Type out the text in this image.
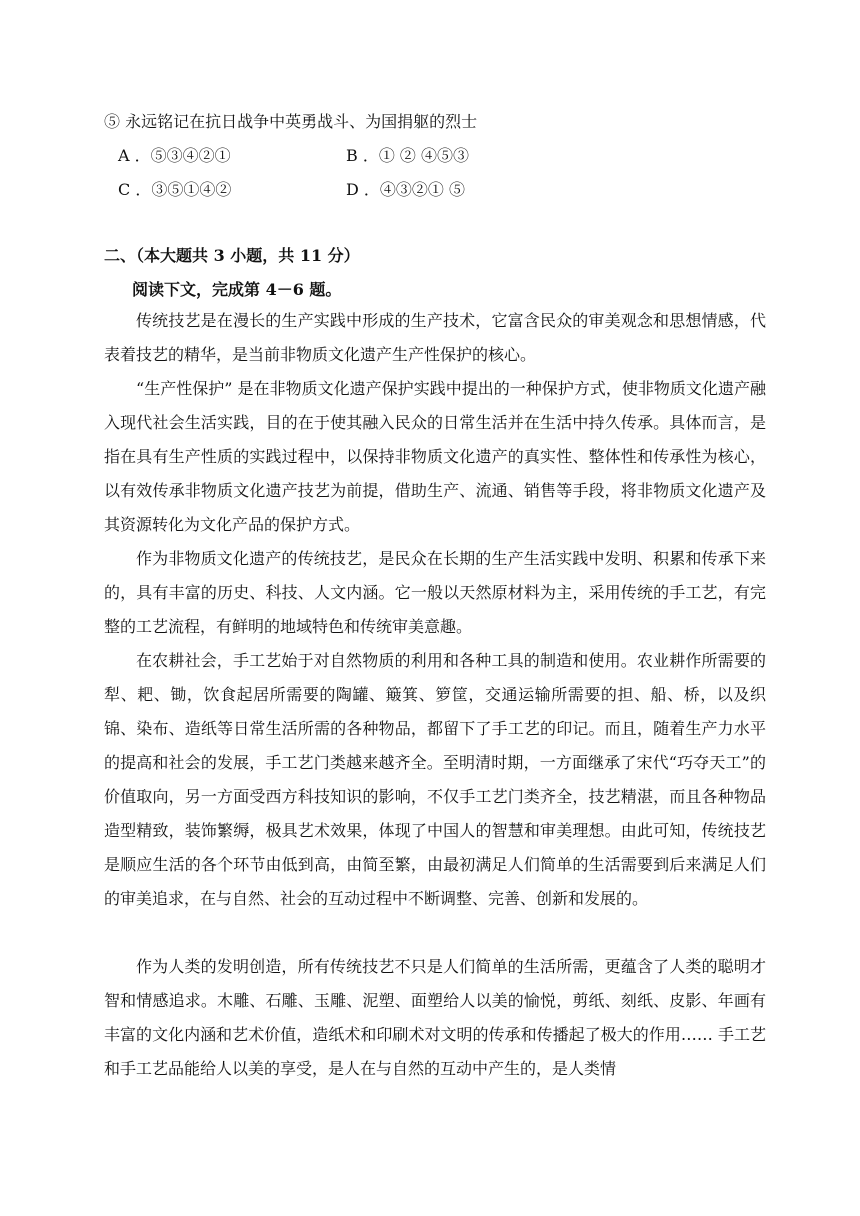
⑤ 永远铭记在抗日战争中英勇战斗、为国捐躯的烈士
A ．⑤③④②①	B ．① ② ④⑤③
C ．③⑤①④②	D ．④③②① ⑤
二、（本大题共 3 小题，共 11 分）
阅读下文，完成第 4－6 题。

传统技艺是在漫长的生产实践中形成的生产技术，它富含民众的审美观念和思想情感，代表着技艺的精华，是当前非物质文化遗产生产性保护的核心。

“生产性保护” 是在非物质文化遗产保护实践中提出的一种保护方式，使非物质文化遗产融入现代社会生活实践，目的在于使其融入民众的日常生活并在生活中持久传承。具体而言，是指在具有生产性质的实践过程中，以保持非物质文化遗产的真实性、整体性和传承性为核心，以有效传承非物质文化遗产技艺为前提，借助生产、流通、销售等手段，将非物质文化遗产及其资源转化为文化产品的保护方式。

作为非物质文化遗产的传统技艺，是民众在长期的生产生活实践中发明、积累和传承下来的，具有丰富的历史、科技、人文内涵。它一般以天然原材料为主，采用传统的手工艺，有完整的工艺流程，有鲜明的地域特色和传统审美意趣。

在农耕社会，手工艺始于对自然物质的利用和各种工具的制造和使用。农业耕作所需要的犁、耙、锄，饮食起居所需要的陶罐、簸箕、箩筐，交通运输所需要的担、船、桥，以及织锦、染布、造纸等日常生活所需的各种物品，都留下了手工艺的印记。而且，随着生产力水平的提高和社会的发展，手工艺门类越来越齐全。至明清时期，一方面继承了宋代“巧夺天工”的价值取向，另一方面受西方科技知识的影响，不仅手工艺门类齐全，技艺精湛，而且各种物品造型精致，装饰繁缛，极具艺术效果，体现了中国人的智慧和审美理想。由此可知，传统技艺是顺应生活的各个环节由低到高，由简至繁，由最初满足人们简单的生活需要到后来满足人们的审美追求，在与自然、社会的互动过程中不断调整、完善、创新和发展的。

作为人类的发明创造，所有传统技艺不只是人们简单的生活所需，更蕴含了人类的聪明才智和情感追求。木雕、石雕、玉雕、泥塑、面塑给人以美的愉悦，剪纸、刻纸、皮影、年画有丰富的文化内涵和艺术价值，造纸术和印刷术对文明的传承和传播起了极大的作用…… 手工艺和手工艺品能给人以美的享受，是人在与自然的互动中产生的，是人类情
